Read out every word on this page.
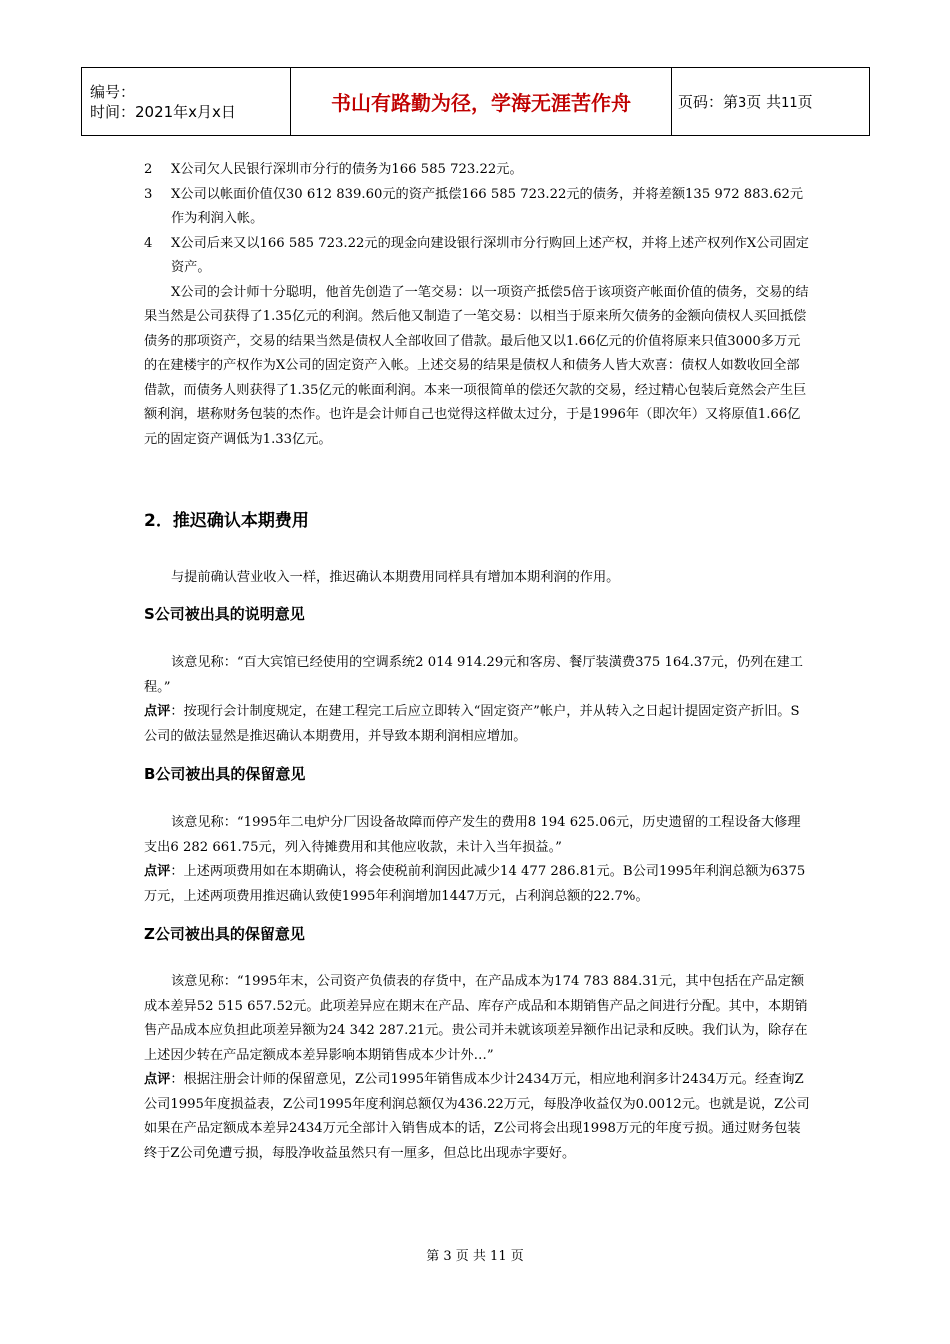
编号：
时间：2021年x月x日	书山有路勤为径，学海无涯苦作舟	页码：第3页 共11页
2 X公司欠人民银行深圳市分行的债务为166 585 723.22元。
3 X公司以帐面价值仅30 612 839.60元的资产抵偿166 585 723.22元的债务，并将差额135 972 883.62元作为利润入帐。
4 X公司后来又以166 585 723.22元的现金向建设银行深圳市分行购回上述产权，并将上述产权列作X公司固定资产。

X公司的会计师十分聪明，他首先创造了一笔交易：以一项资产抵偿5倍于该项资产帐面价值的债务，交易的结果当然是公司获得了1.35亿元的利润。然后他又制造了一笔交易：以相当于原来所欠债务的金额向债权人买回抵偿债务的那项资产，交易的结果当然是债权人全部收回了借款。最后他又以1.66亿元的价值将原来只值3000多万元的在建楼宇的产权作为X公司的固定资产入帐。上述交易的结果是债权人和债务人皆大欢喜：债权人如数收回全部借款，而债务人则获得了1.35亿元的帐面利润。本来一项很简单的偿还欠款的交易，经过精心包装后竟然会产生巨额利润，堪称财务包装的杰作。也许是会计师自己也觉得这样做太过分，于是1996年（即次年）又将原值1.66亿元的固定资产调低为1.33亿元。

2．推迟确认本期费用

与提前确认营业收入一样，推迟确认本期费用同样具有增加本期利润的作用。

S公司被出具的说明意见

该意见称：“百大宾馆已经使用的空调系统2 014 914.29元和客房、餐厅装潢费375 164.37元，仍列在建工程。”

点评：按现行会计制度规定，在建工程完工后应立即转入“固定资产”帐户，并从转入之日起计提固定资产折旧。S公司的做法显然是推迟确认本期费用，并导致本期利润相应增加。

B公司被出具的保留意见

该意见称：“1995年二电炉分厂因设备故障而停产发生的费用8 194 625.06元，历史遗留的工程设备大修理支出6 282 661.75元，列入待摊费用和其他应收款，未计入当年损益。”

点评：上述两项费用如在本期确认，将会使税前利润因此减少14 477 286.81元。B公司1995年利润总额为6375万元，上述两项费用推迟确认致使1995年利润增加1447万元，占利润总额的22.7%。

Z公司被出具的保留意见

该意见称：“1995年末，公司资产负债表的存货中，在产品成本为174 783 884.31元，其中包括在产品定额成本差异52 515 657.52元。此项差异应在期末在产品、库存产成品和本期销售产品之间进行分配。其中，本期销售产品成本应负担此项差异额为24 342 287.21元。贵公司并未就该项差异额作出记录和反映。我们认为，除存在上述因少转在产品定额成本差异影响本期销售成本少计外…”

点评：根据注册会计师的保留意见，Z公司1995年销售成本少计2434万元，相应地利润多计2434万元。经查询Z公司1995年度损益表，Z公司1995年度利润总额仅为436.22万元，每股净收益仅为0.0012元。也就是说，Z公司如果在产品定额成本差异2434万元全部计入销售成本的话，Z公司将会出现1998万元的年度亏损。通过财务包装终于Z公司免遭亏损，每股净收益虽然只有一厘多，但总比出现赤字要好。

第 3 页 共 11 页
